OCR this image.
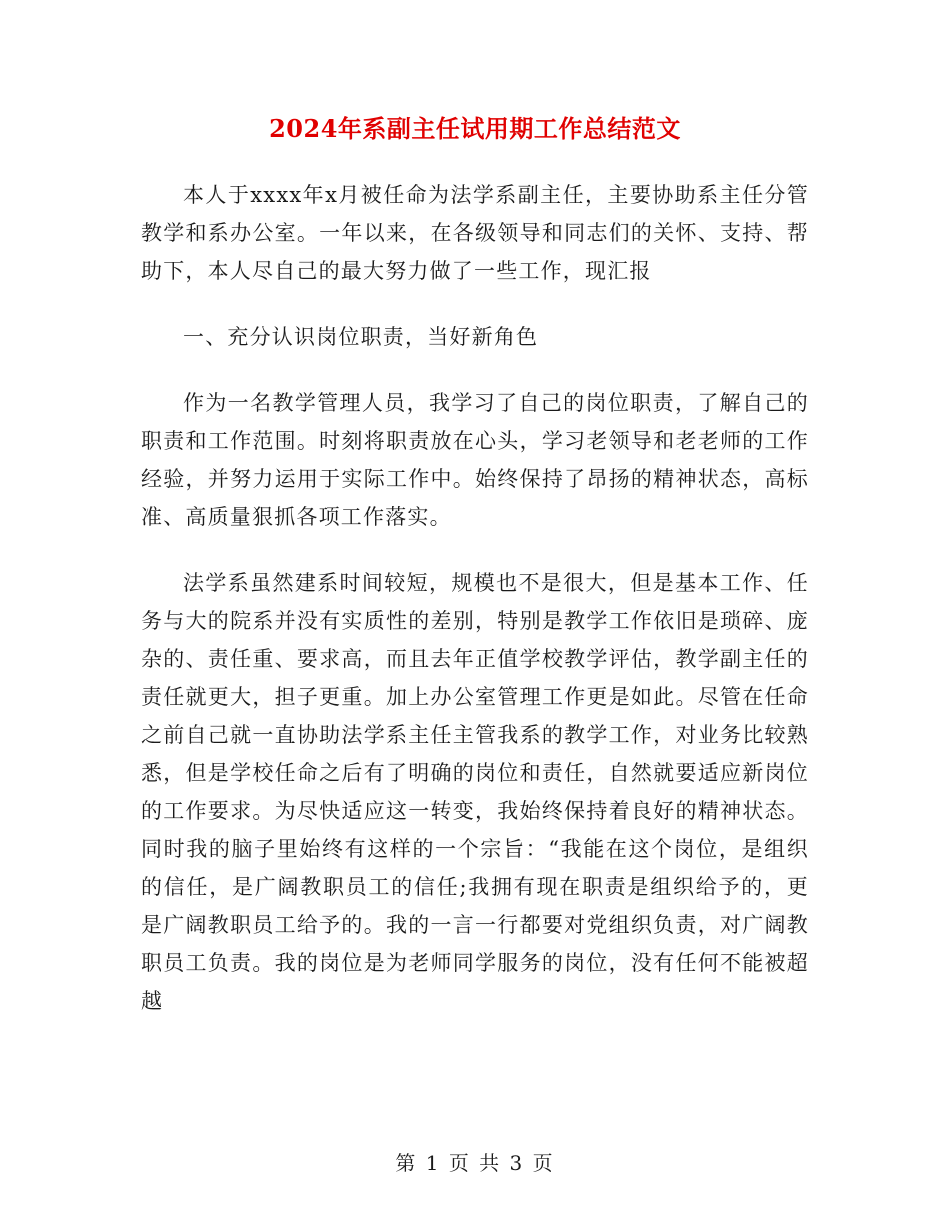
2024年系副主任试用期工作总结范文

本人于xxxx年x月被任命为法学系副主任，主要协助系主任分管教学和系办公室。一年以来，在各级领导和同志们的关怀、支持、帮助下，本人尽自己的最大努力做了一些工作，现汇报

一、充分认识岗位职责，当好新角色

作为一名教学管理人员，我学习了自己的岗位职责，了解自己的职责和工作范围。时刻将职责放在心头，学习老领导和老老师的工作经验，并努力运用于实际工作中。始终保持了昂扬的精神状态，高标准、高质量狠抓各项工作落实。

法学系虽然建系时间较短，规模也不是很大，但是基本工作、任务与大的院系并没有实质性的差别，特别是教学工作依旧是琐碎、庞杂的、责任重、要求高，而且去年正值学校教学评估，教学副主任的责任就更大，担子更重。加上办公室管理工作更是如此。尽管在任命之前自己就一直协助法学系主任主管我系的教学工作，对业务比较熟悉，但是学校任命之后有了明确的岗位和责任，自然就要适应新岗位的工作要求。为尽快适应这一转变，我始终保持着良好的精神状态。同时我的脑子里始终有这样的一个宗旨：“我能在这个岗位，是组织的信任，是广阔教职员工的信任;我拥有现在职责是组织给予的，更是广阔教职员工给予的。我的一言一行都要对党组织负责，对广阔教职员工负责。我的岗位是为老师同学服务的岗位，没有任何不能被超越

第 1 页 共 3 页
